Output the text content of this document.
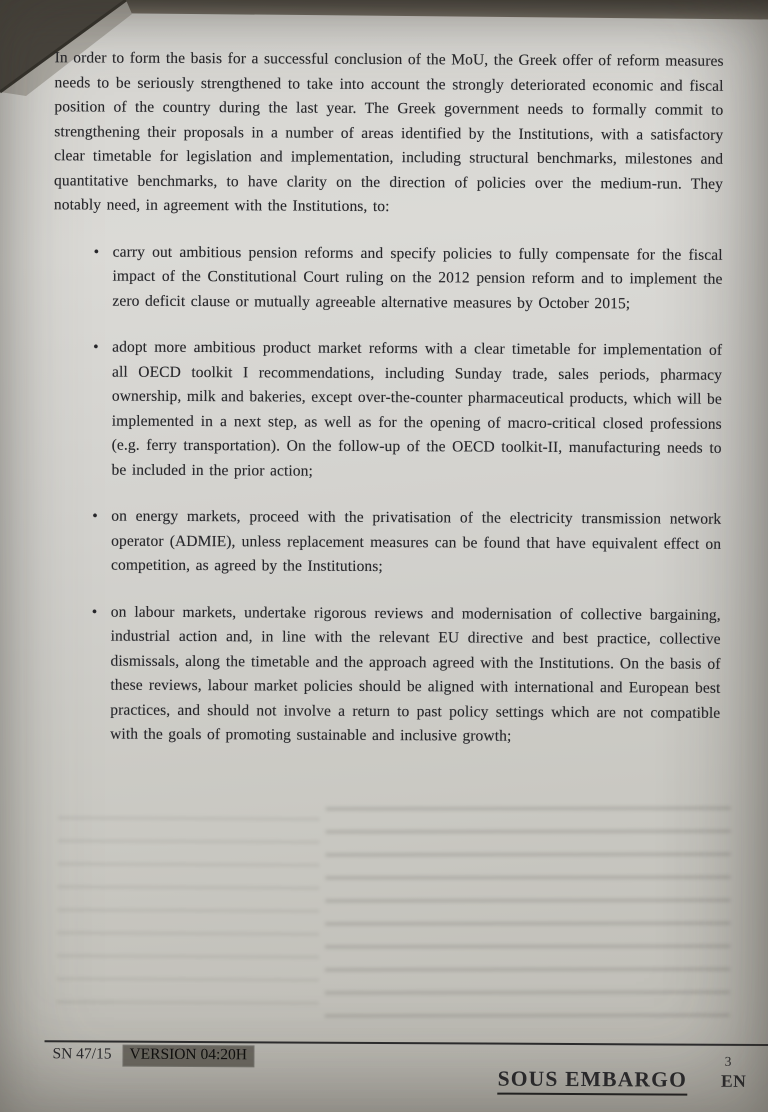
In order to form the basis for a successful conclusion of the MoU, the Greek offer of reform measures needs to be seriously strengthened to take into account the strongly deteriorated economic and fiscal position of the country during the last year. The Greek government needs to formally commit to strengthening their proposals in a number of areas identified by the Institutions, with a satisfactory clear timetable for legislation and implementation, including structural benchmarks, milestones and quantitative benchmarks, to have clarity on the direction of policies over the medium-run. They notably need, in agreement with the Institutions, to:

• carry out ambitious pension reforms and specify policies to fully compensate for the fiscal impact of the Constitutional Court ruling on the 2012 pension reform and to implement the zero deficit clause or mutually agreeable alternative measures by October 2015;
• adopt more ambitious product market reforms with a clear timetable for implementation of all OECD toolkit I recommendations, including Sunday trade, sales periods, pharmacy ownership, milk and bakeries, except over-the-counter pharmaceutical products, which will be implemented in a next step, as well as for the opening of macro-critical closed professions (e.g. ferry transportation). On the follow-up of the OECD toolkit-II, manufacturing needs to be included in the prior action;
• on energy markets, proceed with the privatisation of the electricity transmission network operator (ADMIE), unless replacement measures can be found that have equivalent effect on competition, as agreed by the Institutions;
• on labour markets, undertake rigorous reviews and modernisation of collective bargaining, industrial action and, in line with the relevant EU directive and best practice, collective dismissals, along the timetable and the approach agreed with the Institutions. On the basis of these reviews, labour market policies should be aligned with international and European best practices, and should not involve a return to past policy settings which are not compatible with the goals of promoting sustainable and inclusive growth;
SN 47/15 VERSION 04:20H	3
SOUS EMBARGO EN
